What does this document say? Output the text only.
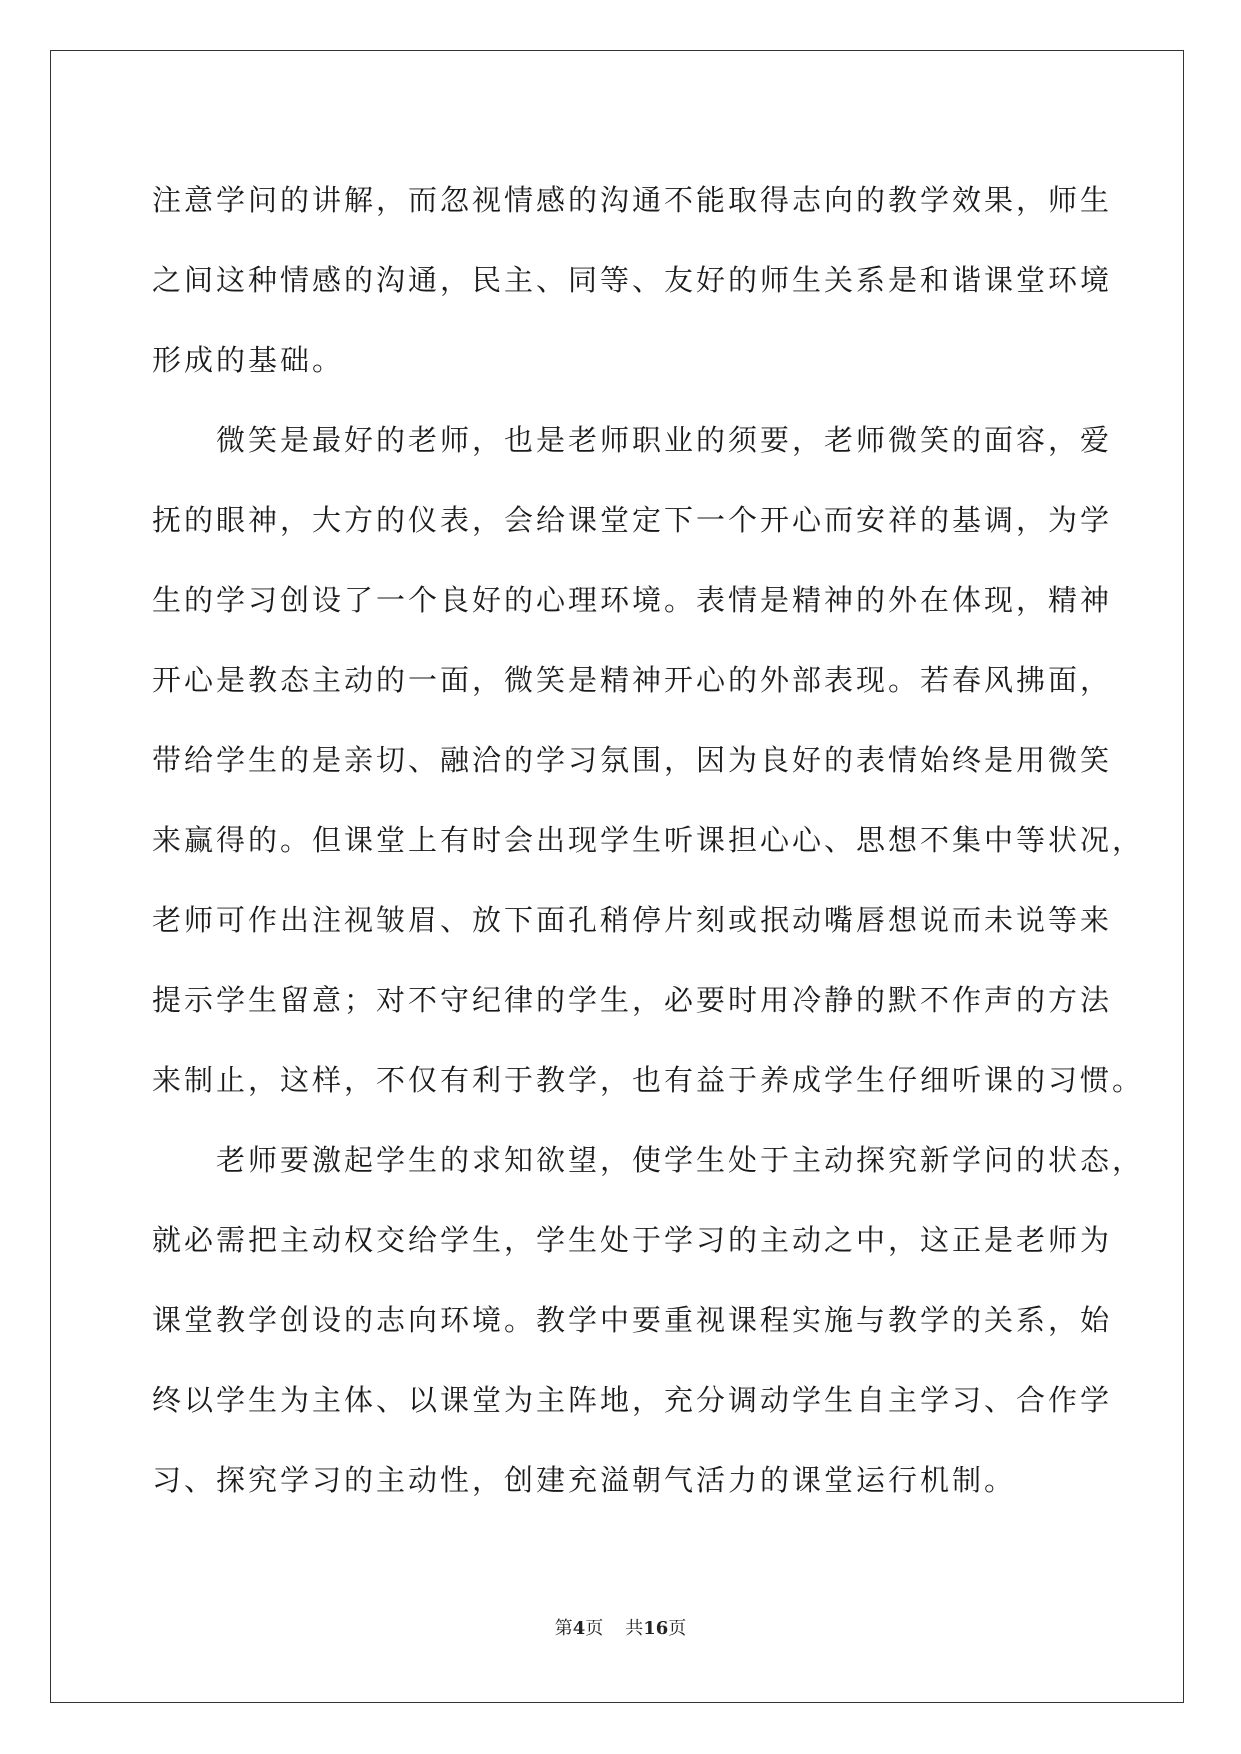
注意学问的讲解，而忽视情感的沟通不能取得志向的教学效果，师生
之间这种情感的沟通，民主、同等、友好的师生关系是和谐课堂环境
形成的基础。
　　微笑是最好的老师，也是老师职业的须要，老师微笑的面容，爱
抚的眼神，大方的仪表，会给课堂定下一个开心而安祥的基调，为学
生的学习创设了一个良好的心理环境。表情是精神的外在体现，精神
开心是教态主动的一面，微笑是精神开心的外部表现。若春风拂面，
带给学生的是亲切、融洽的学习氛围，因为良好的表情始终是用微笑
来赢得的。但课堂上有时会出现学生听课担心心、思想不集中等状况，
老师可作出注视皱眉、放下面孔稍停片刻或抿动嘴唇想说而未说等来
提示学生留意；对不守纪律的学生，必要时用冷静的默不作声的方法
来制止，这样，不仅有利于教学，也有益于养成学生仔细听课的习惯。
　　老师要激起学生的求知欲望，使学生处于主动探究新学问的状态，
就必需把主动权交给学生，学生处于学习的主动之中，这正是老师为
课堂教学创设的志向环境。教学中要重视课程实施与教学的关系，始
终以学生为主体、以课堂为主阵地，充分调动学生自主学习、合作学
习、探究学习的主动性，创建充溢朝气活力的课堂运行机制。
第4页 共16页
